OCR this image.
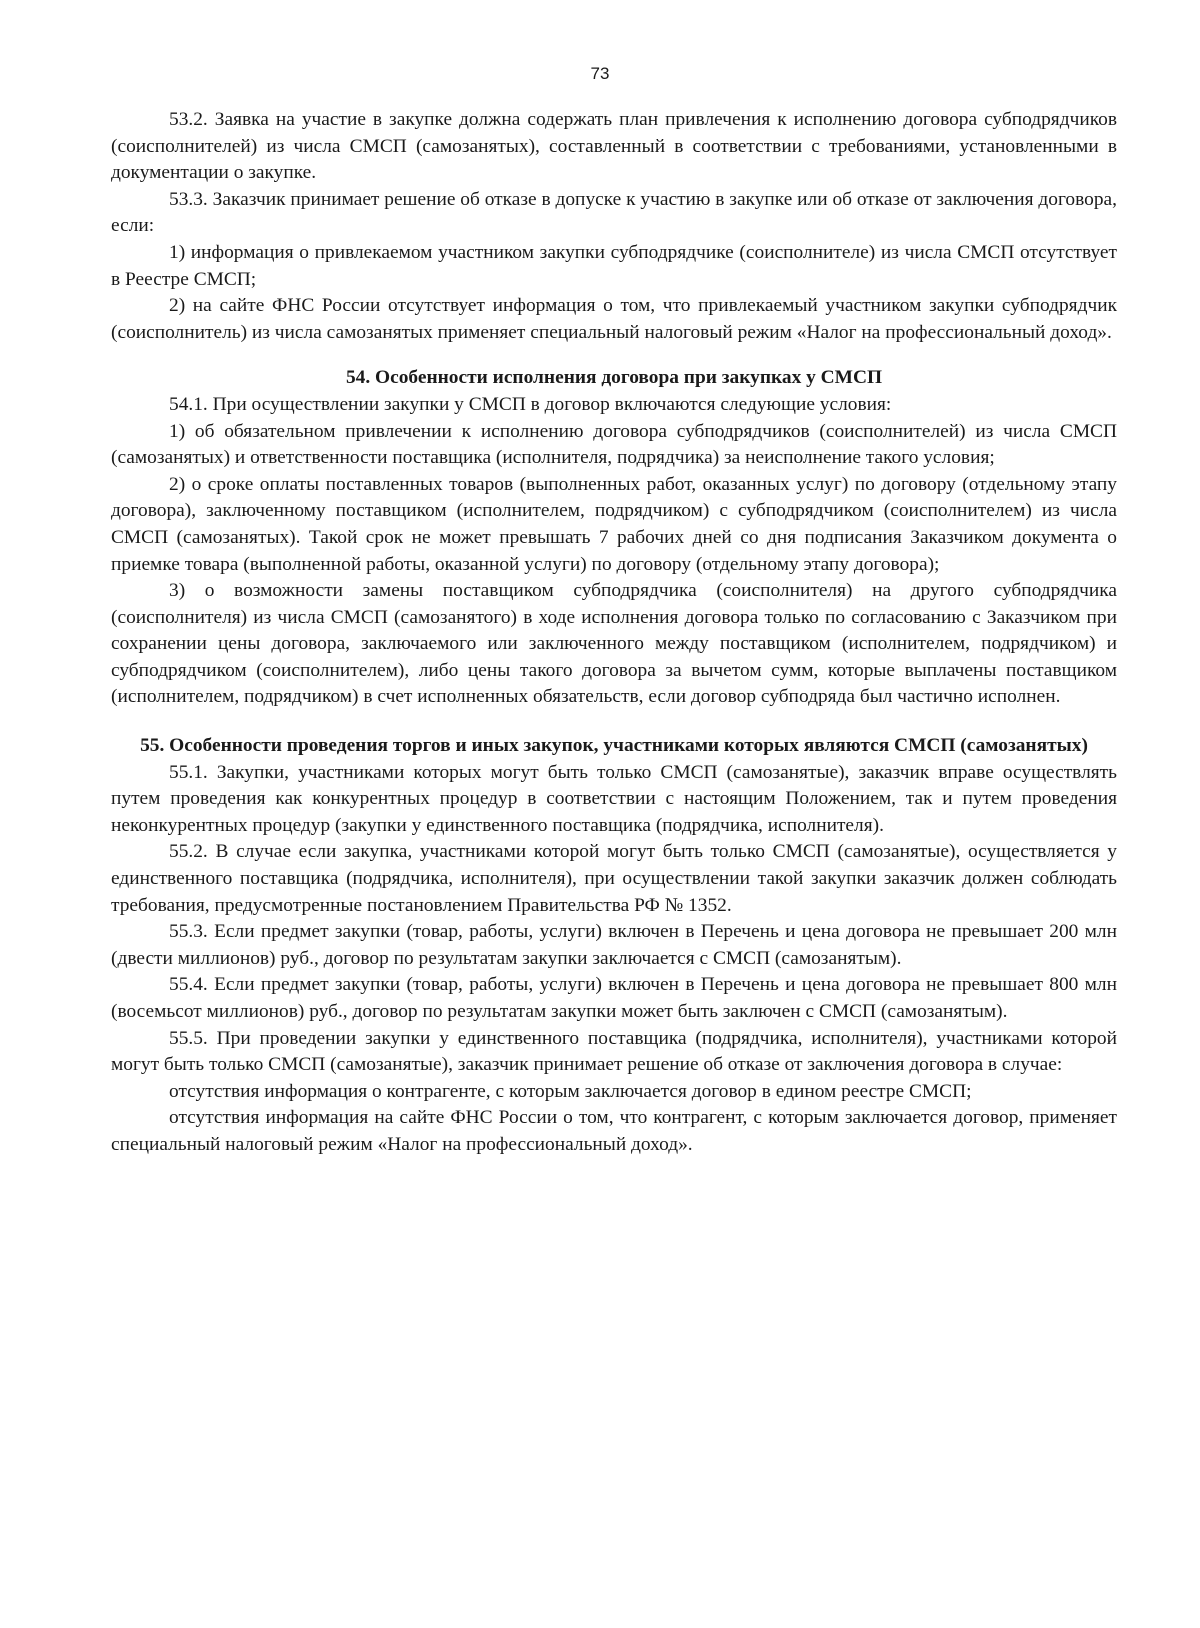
73

53.2. Заявка на участие в закупке должна содержать план привлечения к исполнению договора субподрядчиков (соисполнителей) из числа СМСП (самозанятых), составленный в соответствии с требованиями, установленными в документации о закупке.

53.3. Заказчик принимает решение об отказе в допуске к участию в закупке или об отказе от заключения договора, если:

1) информация о привлекаемом участником закупки субподрядчике (соисполнителе) из числа СМСП отсутствует в Реестре СМСП;

2) на сайте ФНС России отсутствует информация о том, что привлекаемый участником закупки субподрядчик (соисполнитель) из числа самозанятых применяет специальный налоговый режим «Налог на профессиональный доход».

54. Особенности исполнения договора при закупках у СМСП

54.1. При осуществлении закупки у СМСП в договор включаются следующие условия:

1) об обязательном привлечении к исполнению договора субподрядчиков (соисполнителей) из числа СМСП (самозанятых) и ответственности поставщика (исполнителя, подрядчика) за неисполнение такого условия;

2) о сроке оплаты поставленных товаров (выполненных работ, оказанных услуг) по договору (отдельному этапу договора), заключенному поставщиком (исполнителем, подрядчиком) с субподрядчиком (соисполнителем) из числа СМСП (самозанятых). Такой срок не может превышать 7 рабочих дней со дня подписания Заказчиком документа о приемке товара (выполненной работы, оказанной услуги) по договору (отдельному этапу договора);

3) о возможности замены поставщиком субподрядчика (соисполнителя) на другого субподрядчика (соисполнителя) из числа СМСП (самозанятого) в ходе исполнения договора только по согласованию с Заказчиком при сохранении цены договора, заключаемого или заключенного между поставщиком (исполнителем, подрядчиком) и субподрядчиком (соисполнителем), либо цены такого договора за вычетом сумм, которые выплачены поставщиком (исполнителем, подрядчиком) в счет исполненных обязательств, если договор субподряда был частично исполнен.

55. Особенности проведения торгов и иных закупок, участниками которых являются СМСП (самозанятых)

55.1. Закупки, участниками которых могут быть только СМСП (самозанятые), заказчик вправе осуществлять путем проведения как конкурентных процедур в соответствии с настоящим Положением, так и путем проведения неконкурентных процедур (закупки у единственного поставщика (подрядчика, исполнителя).

55.2. В случае если закупка, участниками которой могут быть только СМСП (самозанятые), осуществляется у единственного поставщика (подрядчика, исполнителя), при осуществлении такой закупки заказчик должен соблюдать требования, предусмотренные постановлением Правительства РФ № 1352.

55.3. Если предмет закупки (товар, работы, услуги) включен в Перечень и цена договора не превышает 200 млн (двести миллионов) руб., договор по результатам закупки заключается с СМСП (самозанятым).

55.4. Если предмет закупки (товар, работы, услуги) включен в Перечень и цена договора не превышает 800 млн (восемьсот миллионов) руб., договор по результатам закупки может быть заключен с СМСП (самозанятым).

55.5. При проведении закупки у единственного поставщика (подрядчика, исполнителя), участниками которой могут быть только СМСП (самозанятые), заказчик принимает решение об отказе от заключения договора в случае:

отсутствия информация о контрагенте, с которым заключается договор в едином реестре СМСП;

отсутствия информация на сайте ФНС России о том, что контрагент, с которым заключается договор, применяет специальный налоговый режим «Налог на профессиональный доход».
